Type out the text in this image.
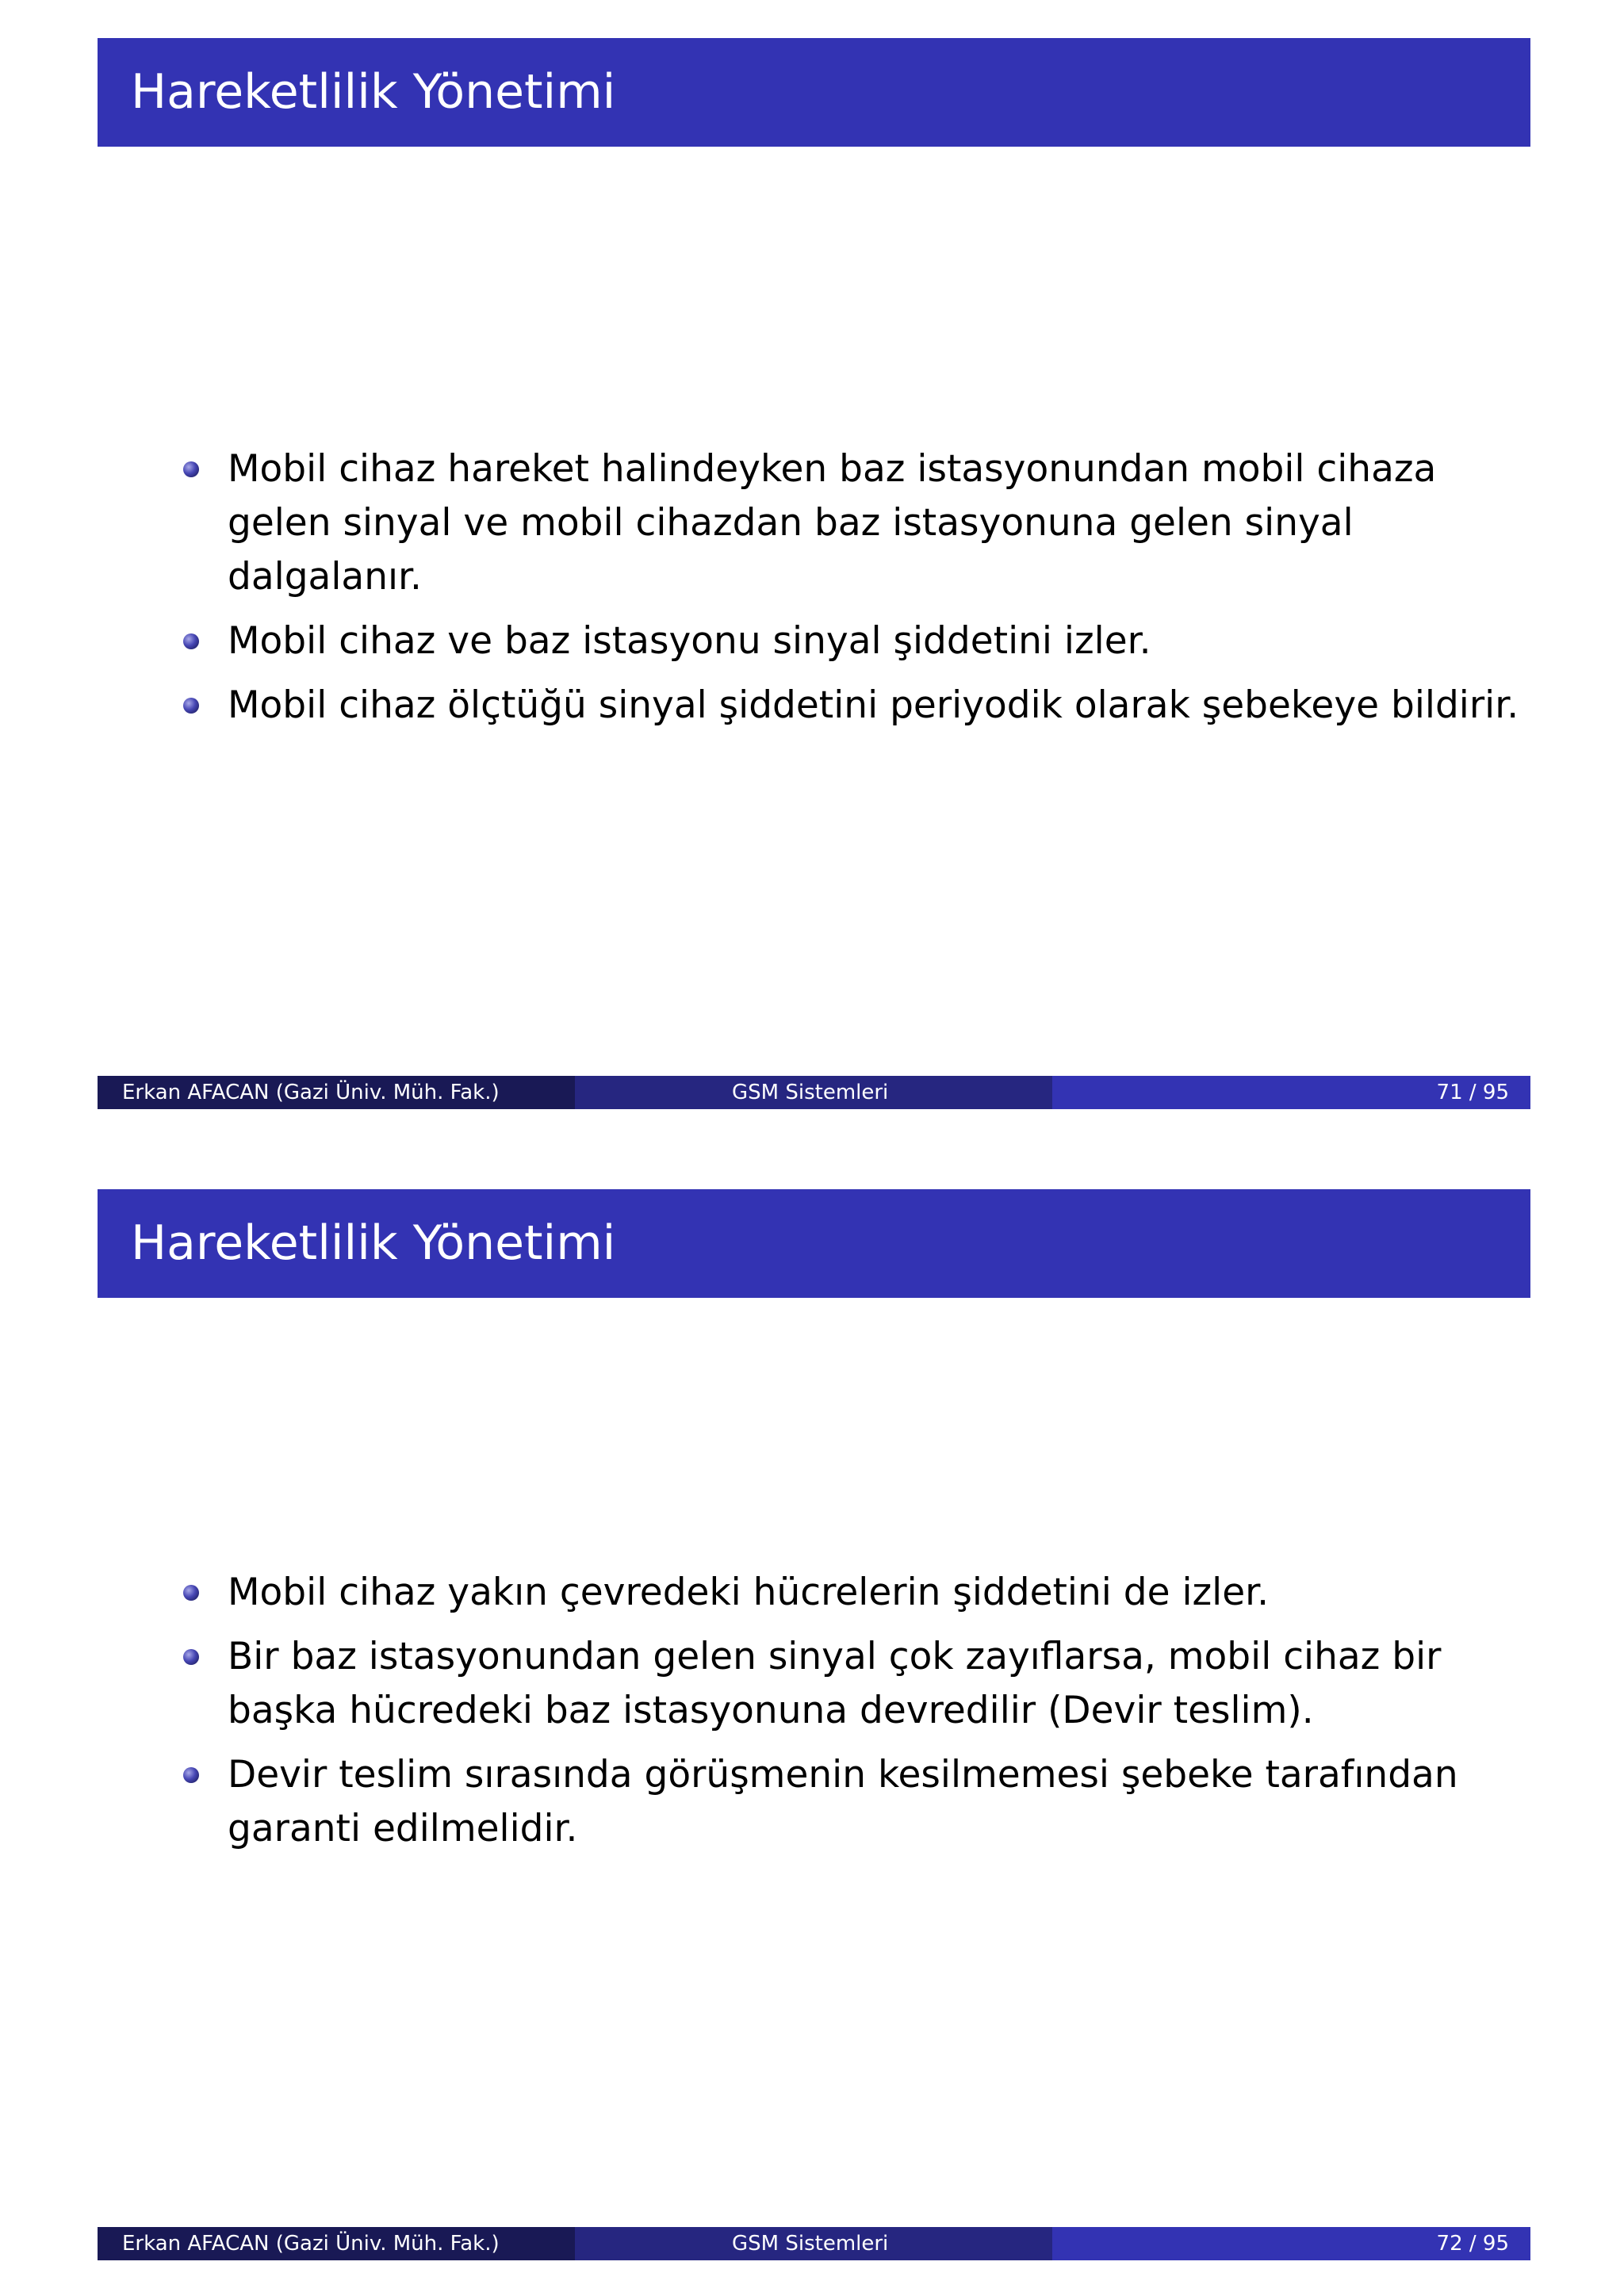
Hareketlilik Yönetimi
Mobil cihaz hareket halindeyken baz istasyonundan mobil cihaza gelen sinyal ve mobil cihazdan baz istasyonuna gelen sinyal dalgalanır.
Mobil cihaz ve baz istasyonu sinyal şiddetini izler.
Mobil cihaz ölçtüğü sinyal şiddetini periyodik olarak şebekeye bildirir.
Erkan AFACAN (Gazi Üniv. Müh. Fak.)	GSM Sistemleri	71 / 95
Hareketlilik Yönetimi
Mobil cihaz yakın çevredeki hücrelerin şiddetini de izler.
Bir baz istasyonundan gelen sinyal çok zayıflarsa, mobil cihaz bir başka hücredeki baz istasyonuna devredilir (Devir teslim).
Devir teslim sırasında görüşmenin kesilmemesi şebeke tarafından garanti edilmelidir.
Erkan AFACAN (Gazi Üniv. Müh. Fak.)	GSM Sistemleri	72 / 95
